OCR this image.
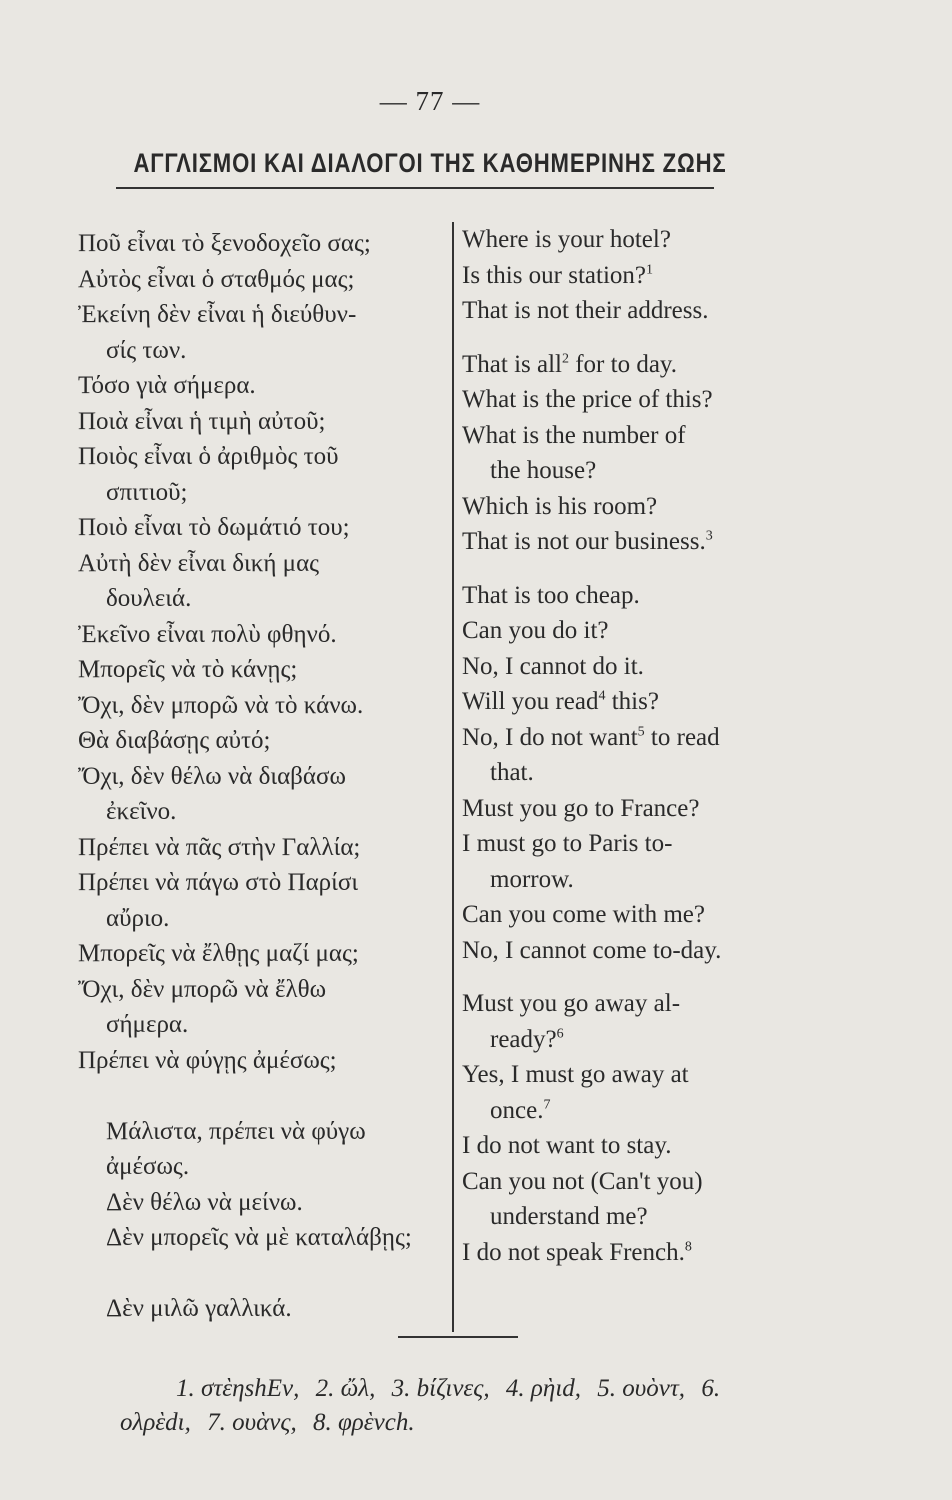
— 77 —
ΑΓΓΛΙΣΜΟΙ ΚΑΙ ΔΙΑΛΟΓΟΙ ΤΗΣ ΚΑΘΗΜΕΡΙΝΗΣ ΖΩΗΣ
Ποῦ εἶναι τὸ ξενοδοχεῖο σας;
Αὐτὸς εἶναι ὁ σταθμός μας;
Ἐκείνη δὲν εἶναι ἡ διεύθυν-
σίς των.
Τόσο γιὰ σήμερα.
Ποιὰ εἶναι ἡ τιμὴ αὐτοῦ;
Ποιὸς εἶναι ὁ ἀριθμὸς τοῦ
σπιτιοῦ;
Ποιὸ εἶναι τὸ δωμάτιό του;
Αὐτὴ δὲν εἶναι δική μας
δουλειά.
Ἐκεῖνο εἶναι πολὺ φθηνό.
Μπορεῖς νὰ τὸ κάνῃς;
Ὄχι, δὲν μπορῶ νὰ τὸ κάνω.
Θὰ διαβάσῃς αὐτό;
Ὄχι, δὲν θέλω νὰ διαβάσω
ἐκεῖνο.
Πρέπει νὰ πᾶς στὴν Γαλλία;
Πρέπει νὰ πάγω στὸ Παρίσι
αὔριο.
Μπορεῖς νὰ ἔλθῃς μαζί μας;
Ὄχι, δὲν μπορῶ νὰ ἔλθω
σήμερα.
Πρέπει νὰ φύγῃς ἀμέσως;
Μάλιστα, πρέπει νὰ φύγω
ἀμέσως.
Δὲν θέλω νὰ μείνω.
Δὲν μπορεῖς νὰ μὲ καταλάβῃς;
Δὲν μιλῶ γαλλικά.
Where is your hotel?
Is this our station?$^1$
That is not their address.
That is all$^2$ for to day.
What is the price of this?
What is the number of
the house?
Which is his room?
That is not our business.$^3$
That is too cheap.
Can you do it?
No, I cannot do it.
Will you read$^4$ this?
No, I do not want$^5$ to read
that.
Must you go to France?
I must go to Paris to-
morrow.
Can you come with me?
No, I cannot come to-day.
Must you go away al-
ready?$^6$
Yes, I must go away at
once.$^7$
I do not want to stay.
Can you not (Can't you)
understand me?
I do not speak French.$^8$
1. στὲηshEν, 2. ὤλ, 3. bίζινες, 4. ρὴιd, 5. ουὸντ, 6.
ολρὲdι, 7. ουὰνς, 8. φρὲνch.
